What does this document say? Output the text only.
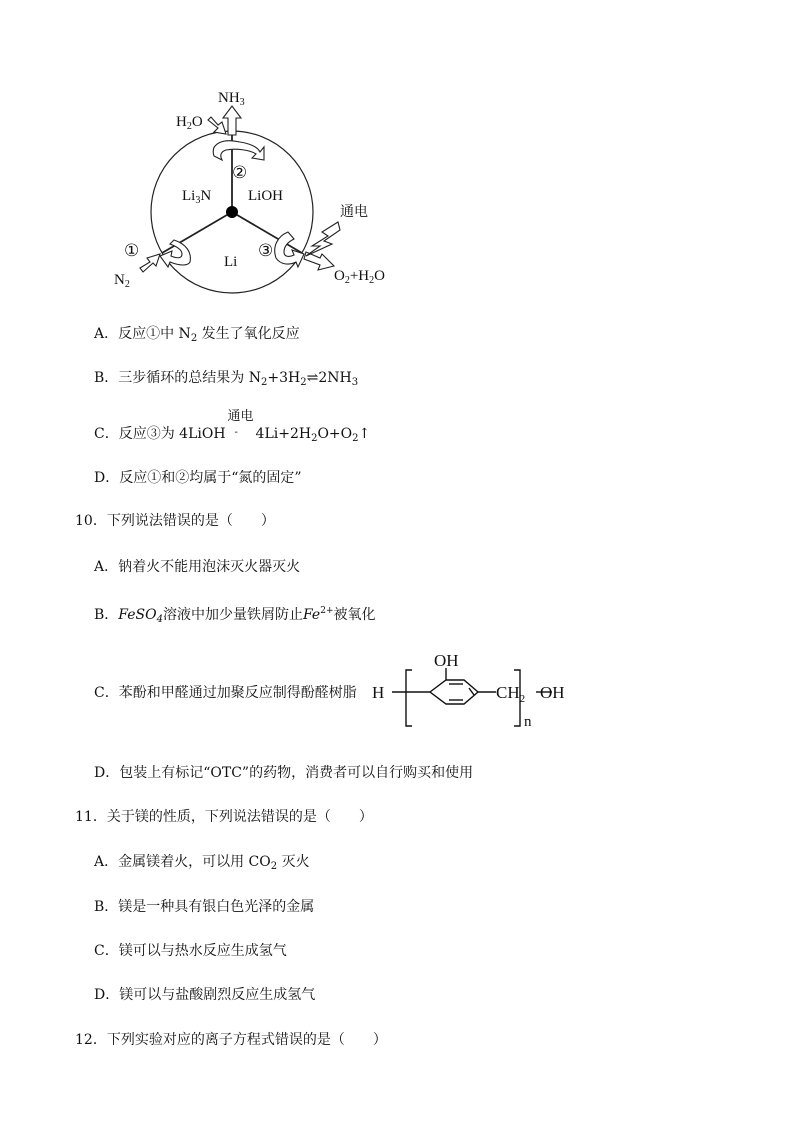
$NH_3$
$H_2O$
②
$Li_3N$ LiOH
Li
①
$N_2$
③
通电
$O_2+H_2O$
A．反应①中 $N_2$ 发生了氧化反应
B．三步循环的总结果为 $N_2+3H_2\rightleftharpoons 2NH_3$
C．反应③为 4LiOH
通电
- $4Li+2H_2O+O_2↑$
D．反应①和②均属于“氮的固定”
10．下列说法错误的是（　　）
A．钠着火不能用泡沫灭火器灭火
B．FeSO$_4$溶液中加少量铁屑防止$Fe^{2+}$被氧化
C．苯酚和甲醛通过加聚反应制得酚醛树脂 H
OH
$CH_2$ OH
n
D．包装上有标记“OTC”的药物，消费者可以自行购买和使用
11．关于镁的性质，下列说法错误的是（　　）
A．金属镁着火，可以用 $CO_2$ 灭火
B．镁是一种具有银白色光泽的金属
C．镁可以与热水反应生成氢气
D．镁可以与盐酸剧烈反应生成氢气
12．下列实验对应的离子方程式错误的是（　　）
